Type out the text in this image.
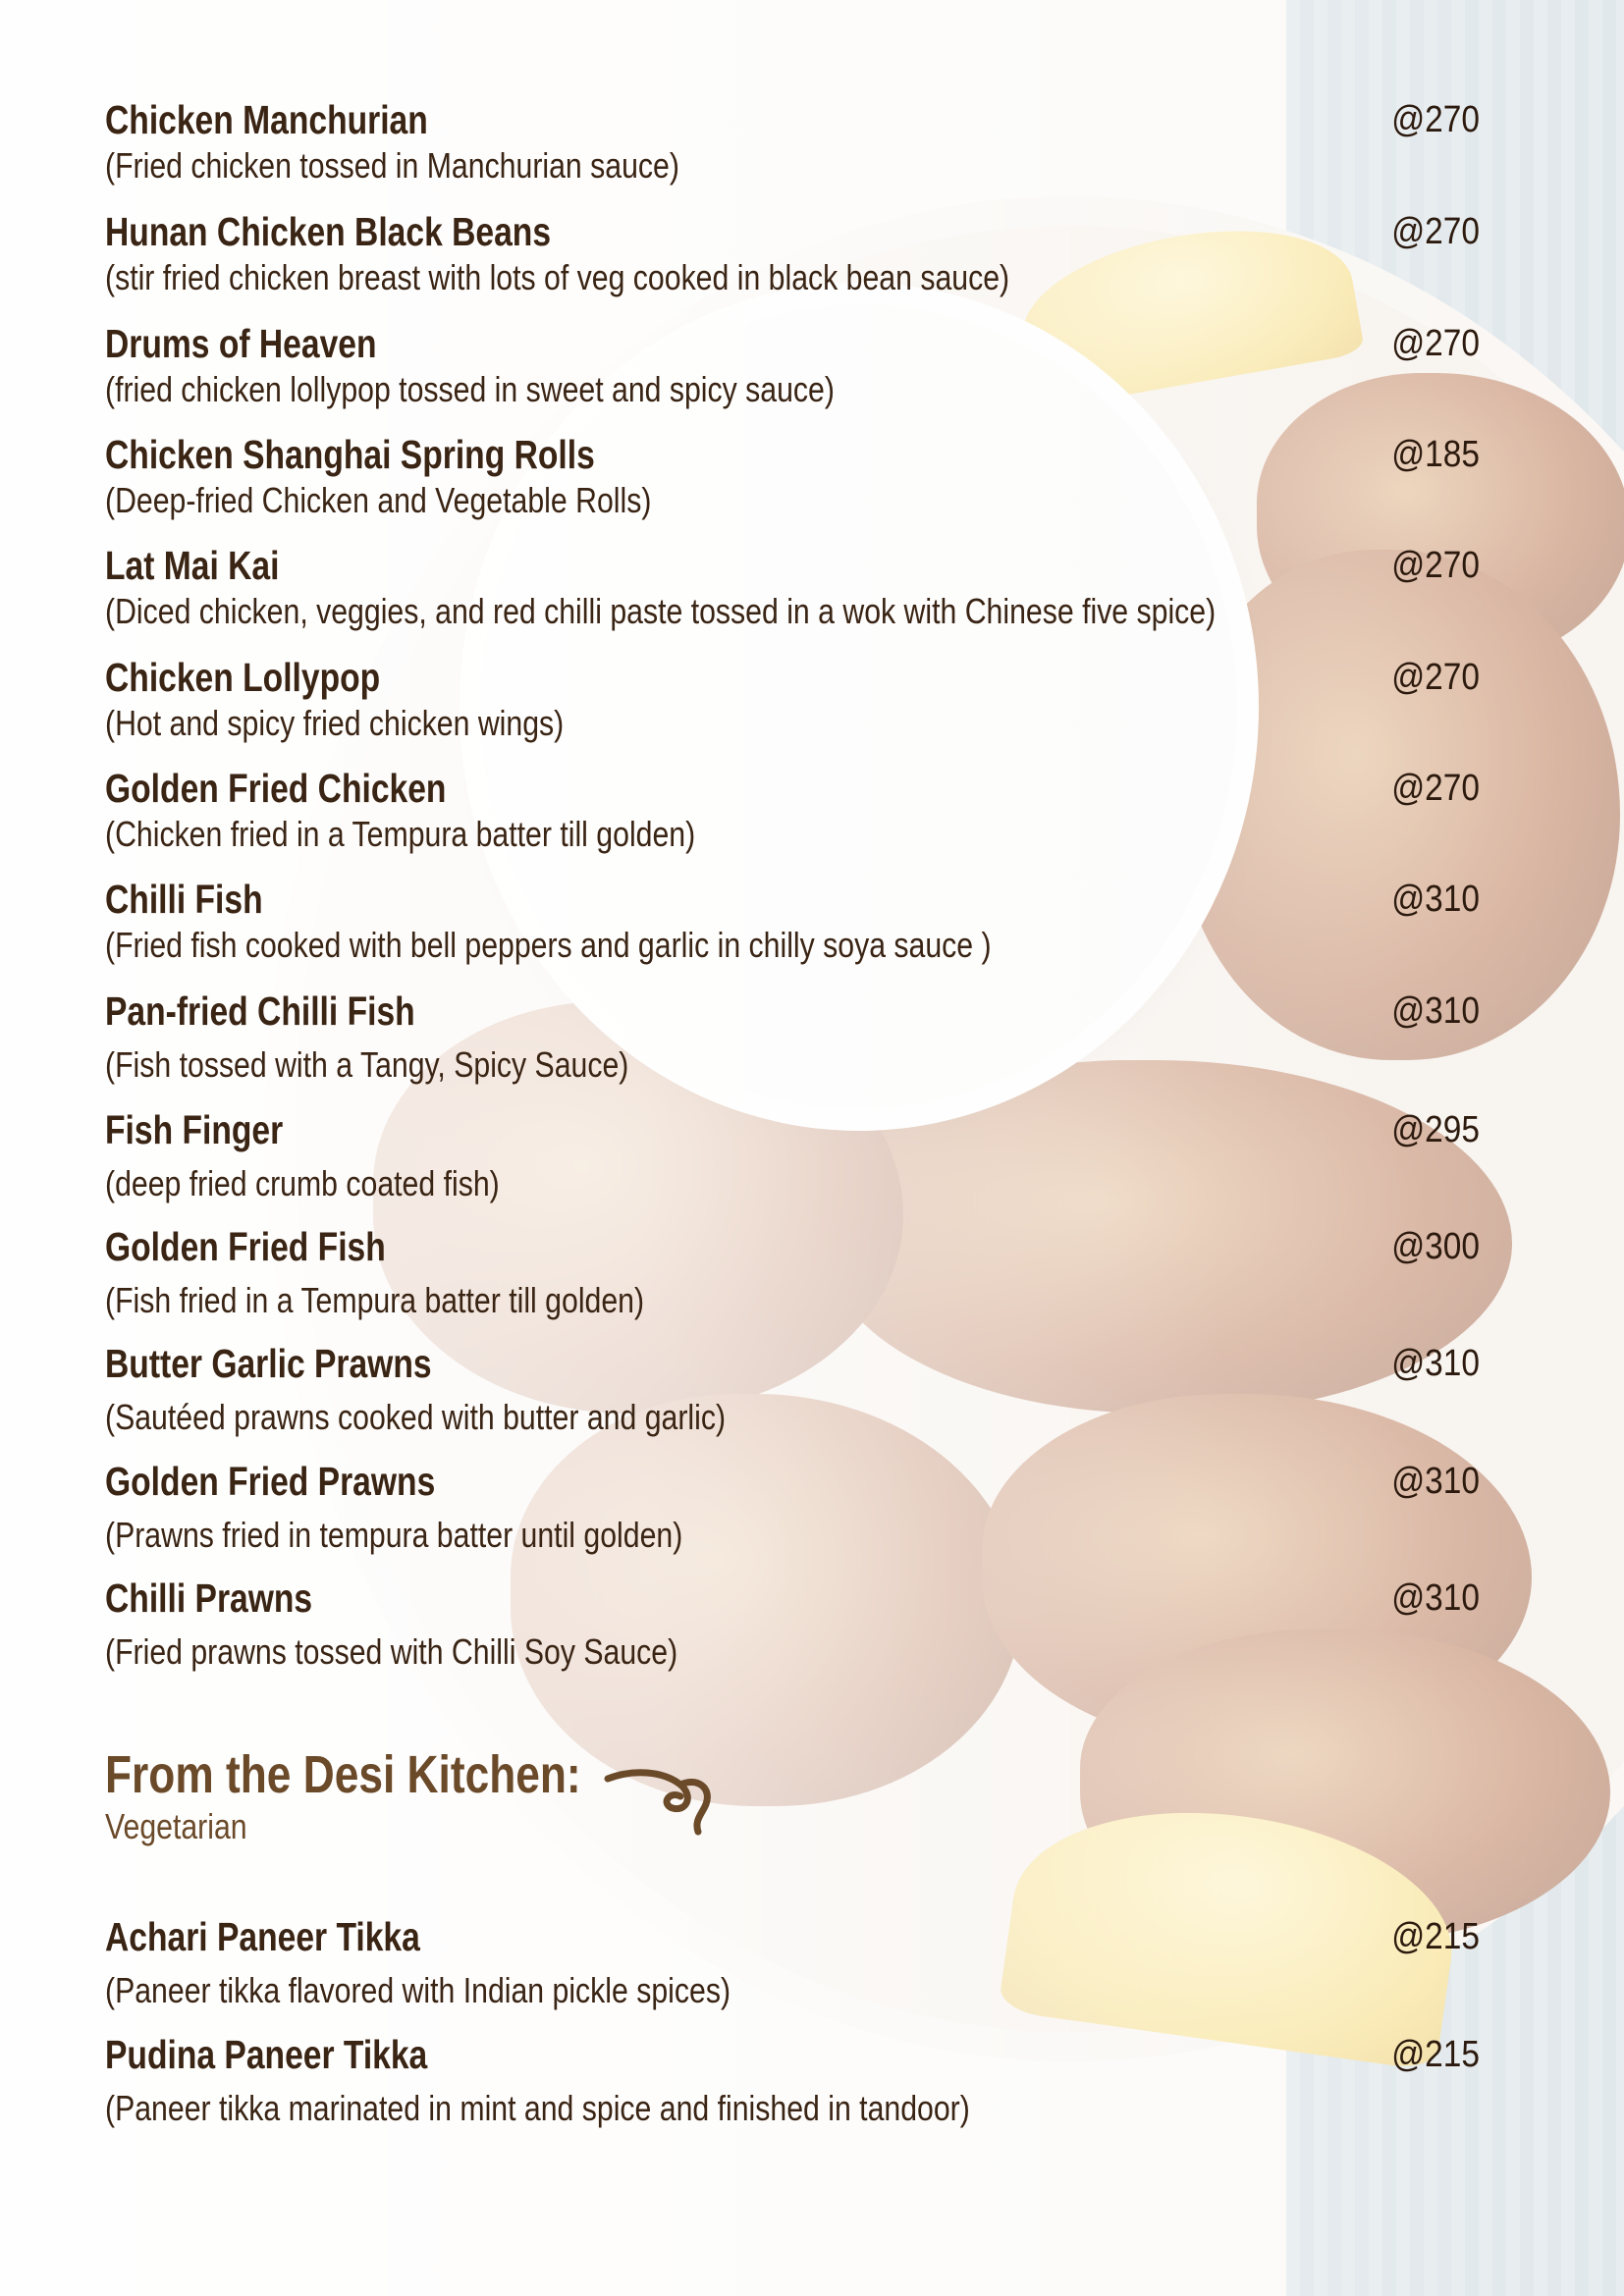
Chicken Manchurian
(Fried chicken tossed in Manchurian sauce)
@270
Hunan Chicken Black Beans
(stir fried chicken breast with lots of veg cooked in black bean sauce)
@270
Drums of Heaven
(fried chicken lollypop tossed in sweet and spicy sauce)
@270
Chicken Shanghai Spring Rolls
(Deep-fried Chicken and Vegetable Rolls)
@185
Lat Mai Kai
(Diced chicken, veggies, and red chilli paste tossed in a wok with Chinese five spice)
@270
Chicken Lollypop
(Hot and spicy fried chicken wings)
@270
Golden Fried Chicken
(Chicken fried in a Tempura batter till golden)
@270
Chilli Fish
(Fried fish cooked with bell peppers and garlic in chilly soya sauce )
@310
Pan-fried Chilli Fish
(Fish tossed with a Tangy, Spicy Sauce)
@310
Fish Finger
(deep fried crumb coated fish)
@295
Golden Fried Fish
(Fish fried in a Tempura batter till golden)
@300
Butter Garlic Prawns
(Sautéed prawns cooked with butter and garlic)
@310
Golden Fried Prawns
(Prawns fried in tempura batter until golden)
@310
Chilli Prawns
(Fried prawns tossed with Chilli Soy Sauce)
@310
From the Desi Kitchen:
Vegetarian
Achari Paneer Tikka
(Paneer tikka flavored with Indian pickle spices)
@215
Pudina Paneer Tikka
(Paneer tikka marinated in mint and spice and finished in tandoor)
@215
